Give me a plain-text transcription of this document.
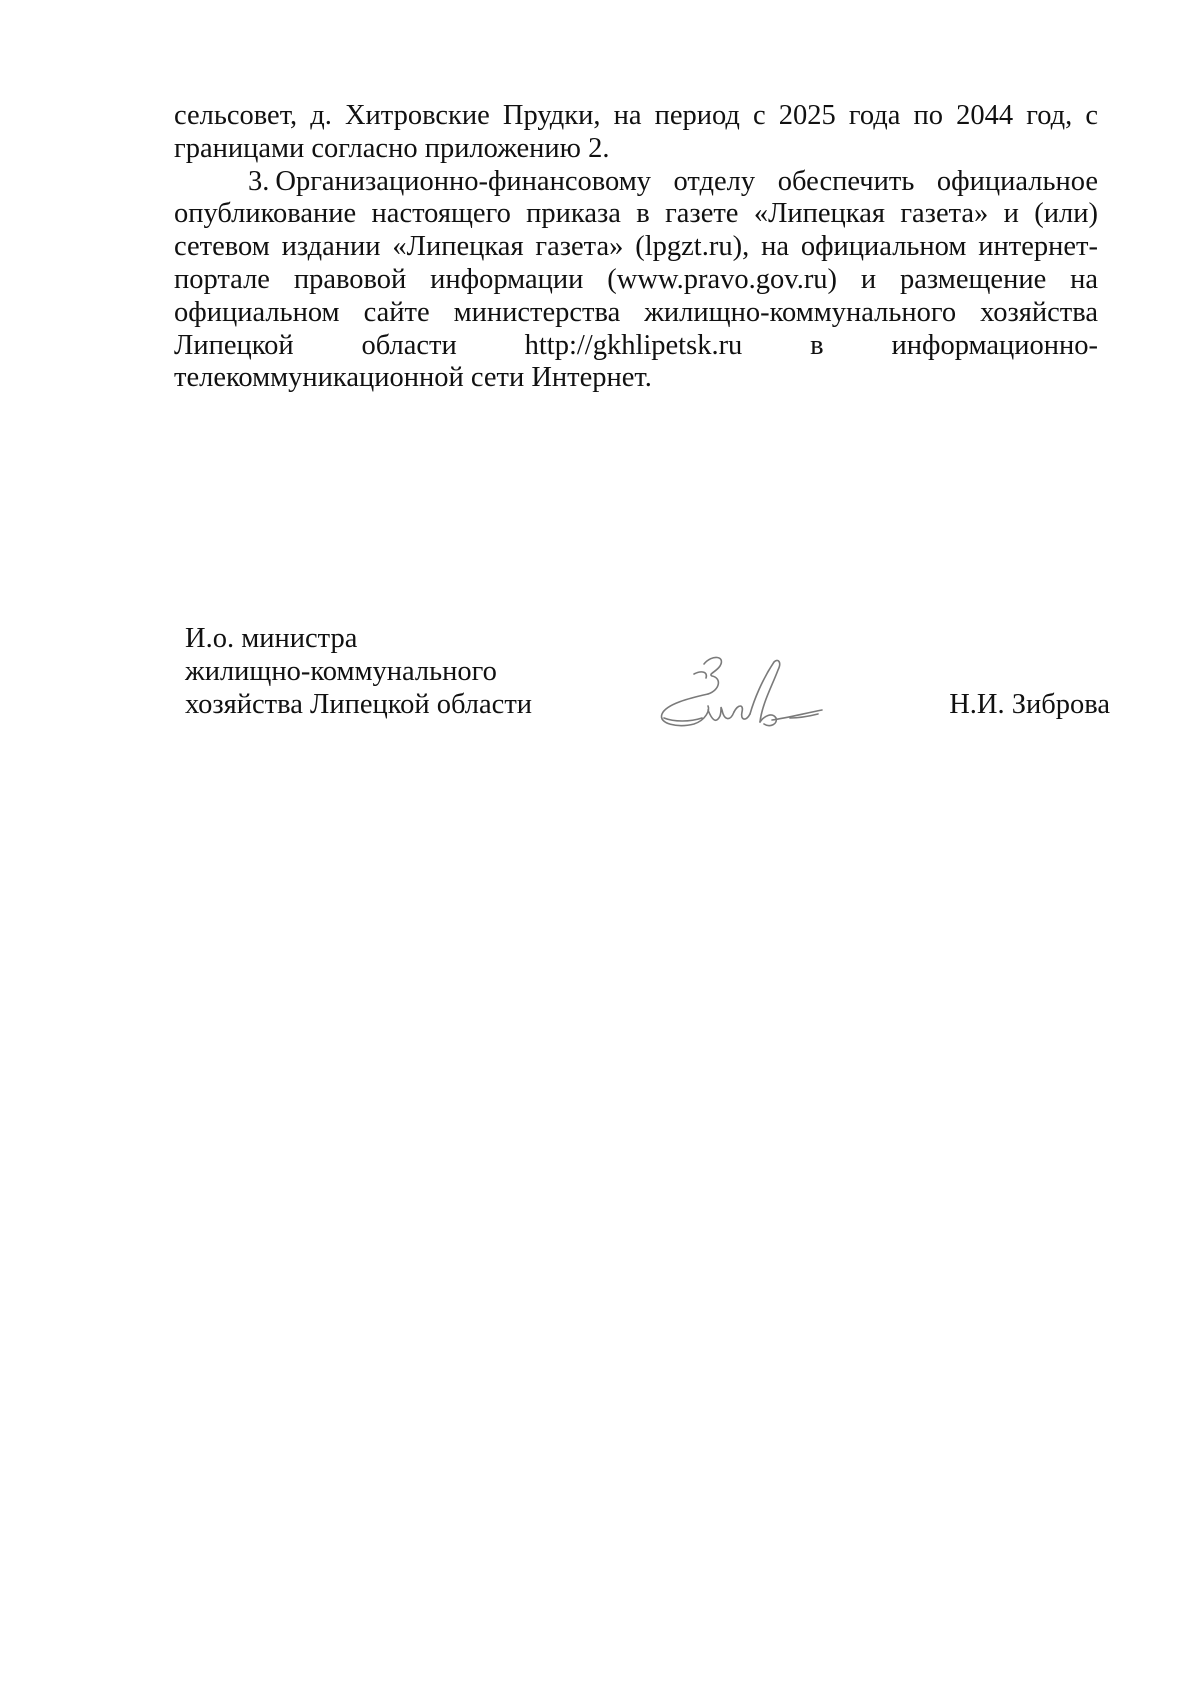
сельсовет, д. Хитровские Прудки, на период с 2025 года по 2044 год, с границами согласно приложению 2.

3. Организационно-финансовому отделу обеспечить официальное опубликование настоящего приказа в газете «Липецкая газета» и (или) сетевом издании «Липецкая газета» (lpgzt.ru), на официальном интернет-портале правовой информации (www.pravo.gov.ru) и размещение на официальном сайте министерства жилищно-коммунального хозяйства Липецкой области http://gkhlipetsk.ru в информационно-телекоммуникационной сети Интернет.

И.о. министра
жилищно-коммунального
хозяйства Липецкой области	Н.И. Зиброва
